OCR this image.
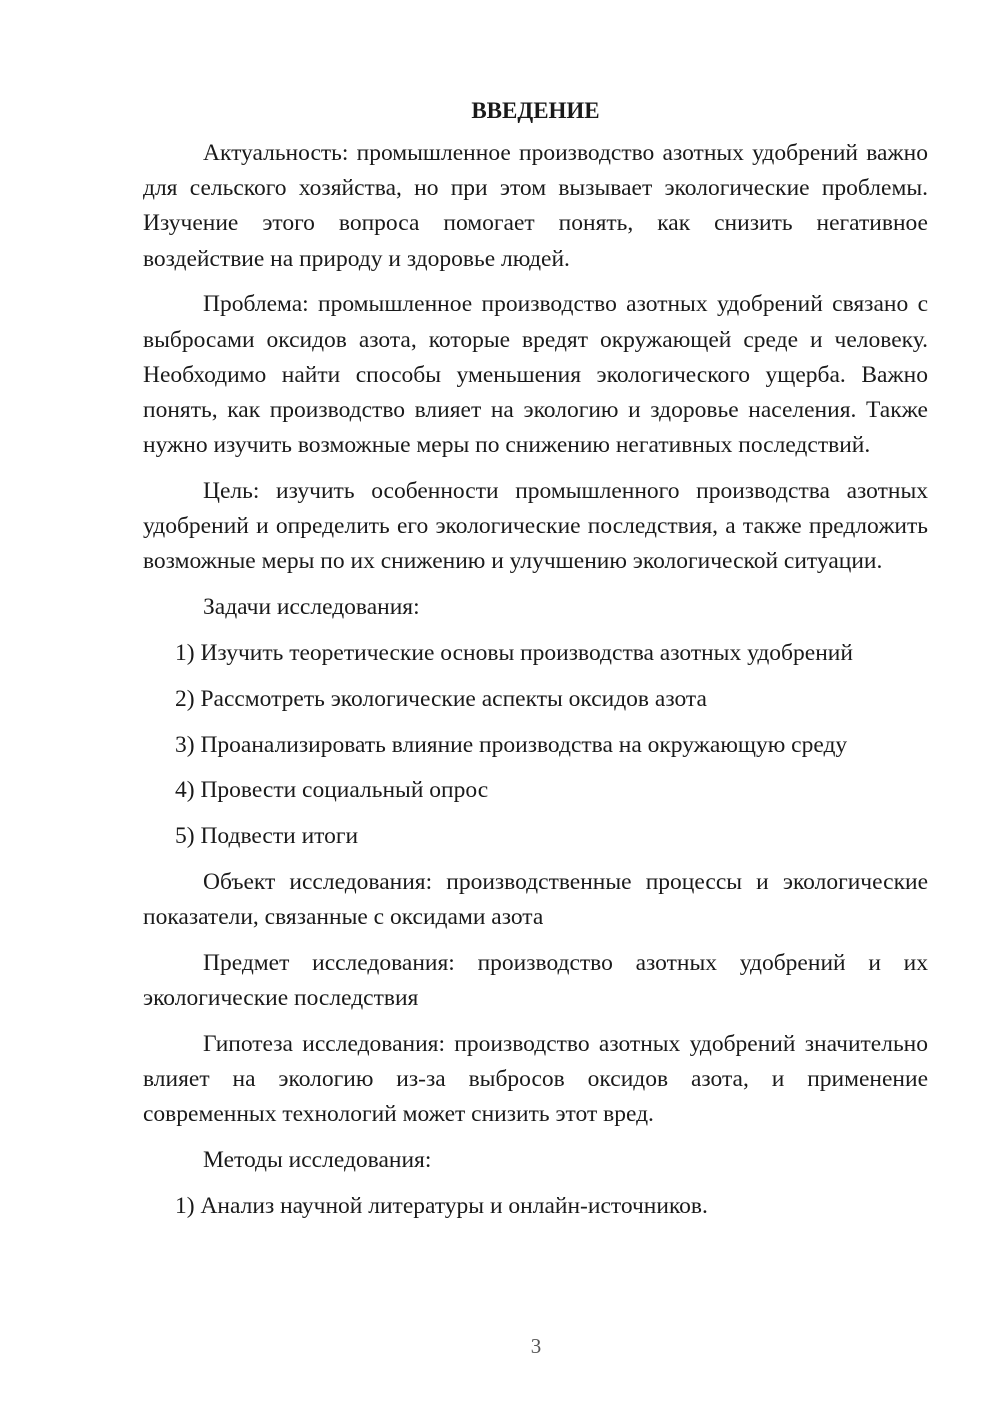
ВВЕДЕНИЕ

Актуальность: промышленное производство азотных удобрений важно для сельского хозяйства, но при этом вызывает экологические проблемы. Изучение этого вопроса помогает понять, как снизить негативное воздействие на природу и здоровье людей.

Проблема: промышленное производство азотных удобрений связано с выбросами оксидов азота, которые вредят окружающей среде и человеку. Необходимо найти способы уменьшения экологического ущерба. Важно понять, как производство влияет на экологию и здоровье населения. Также нужно изучить возможные меры по снижению негативных последствий.

Цель: изучить особенности промышленного производства азотных удобрений и определить его экологические последствия, а также предложить возможные меры по их снижению и улучшению экологической ситуации.

Задачи исследования:
1) Изучить теоретические основы производства азотных удобрений
2) Рассмотреть экологические аспекты оксидов азота
3) Проанализировать влияние производства на окружающую среду
4) Провести социальный опрос
5) Подвести итоги

Объект исследования: производственные процессы и экологические показатели, связанные с оксидами азота

Предмет исследования: производство азотных удобрений и их экологические последствия

Гипотеза исследования: производство азотных удобрений значительно влияет на экологию из-за выбросов оксидов азота, и применение современных технологий может снизить этот вред.

Методы исследования:
1) Анализ научной литературы и онлайн-источников.
3
